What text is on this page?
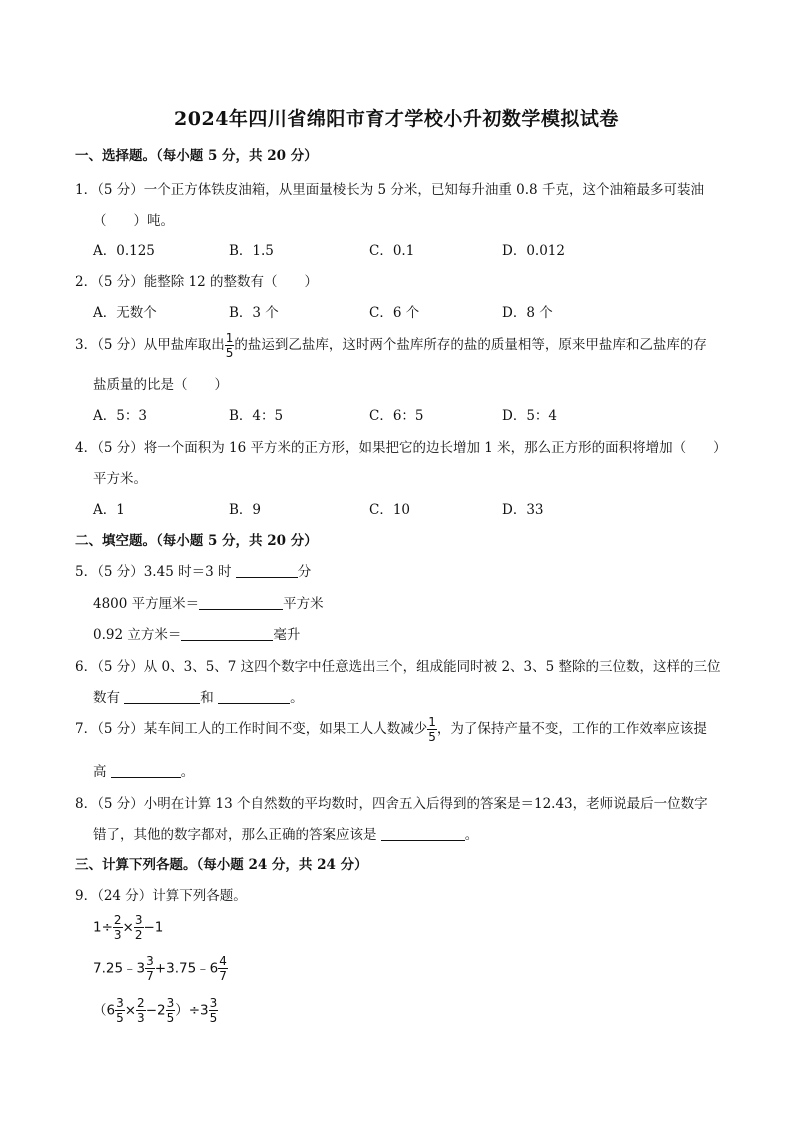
2024年四川省绵阳市育才学校小升初数学模拟试卷
一、选择题。（每小题 5 分，共 20 分）
1．（5 分）一个正方体铁皮油箱，从里面量棱长为 5 分米，已知每升油重 0.8 千克，这个油箱最多可装油
（　　）吨。
A．0.125	B．1.5	C．0.1	D．0.012
2．（5 分）能整除 12 的整数有（　　）
A．无数个	B．3 个	C．6 个	D．8 个
3．（5 分）从甲盐库取出 $\frac{1}{5}$ 的盐运到乙盐库，这时两个盐库所存的盐的质量相等，原来甲盐库和乙盐库的存
盐质量的比是（　　）
A．5：3	B．4：5	C．6：5	D．5：4
4．（5 分）将一个面积为 16 平方米的正方形，如果把它的边长增加 1 米，那么正方形的面积将增加（　　）
平方米。
A．1	B．9	C．10	D．33
二、填空题。（每小题 5 分，共 20 分）
5．（5 分）3.45 时＝3 时	分
4800 平方厘米＝	平方米
0.92 立方米＝	毫升
6．（5 分）从 0、3、5、7 这四个数字中任意选出三个，组成能同时被 2、3、5 整除的三位数，这样的三位
数有	和	。
7．（5 分）某车间工人的工作时间不变，如果工人人数减少 $\frac{1}{5}$ ，为了保持产量不变，工作的工作效率应该提
高	。
8．（5 分）小明在计算 13 个自然数的平均数时，四舍五入后得到的答案是＝12.43，老师说最后一位数字
错了，其他的数字都对，那么正确的答案应该是	。
三、计算下列各题。（每小题 24 分，共 24 分）
9．（24 分）计算下列各题。
$1\div \frac{2}{3} \times \frac{3}{2} -1$
7.25﹣3 $\frac{3}{7}$ +3.75﹣6 $\frac{4}{7}$
$(6 \frac{3}{5} \times \frac{2}{3} -2 \frac{3}{5} )\div 3 \frac{3}{5}$
